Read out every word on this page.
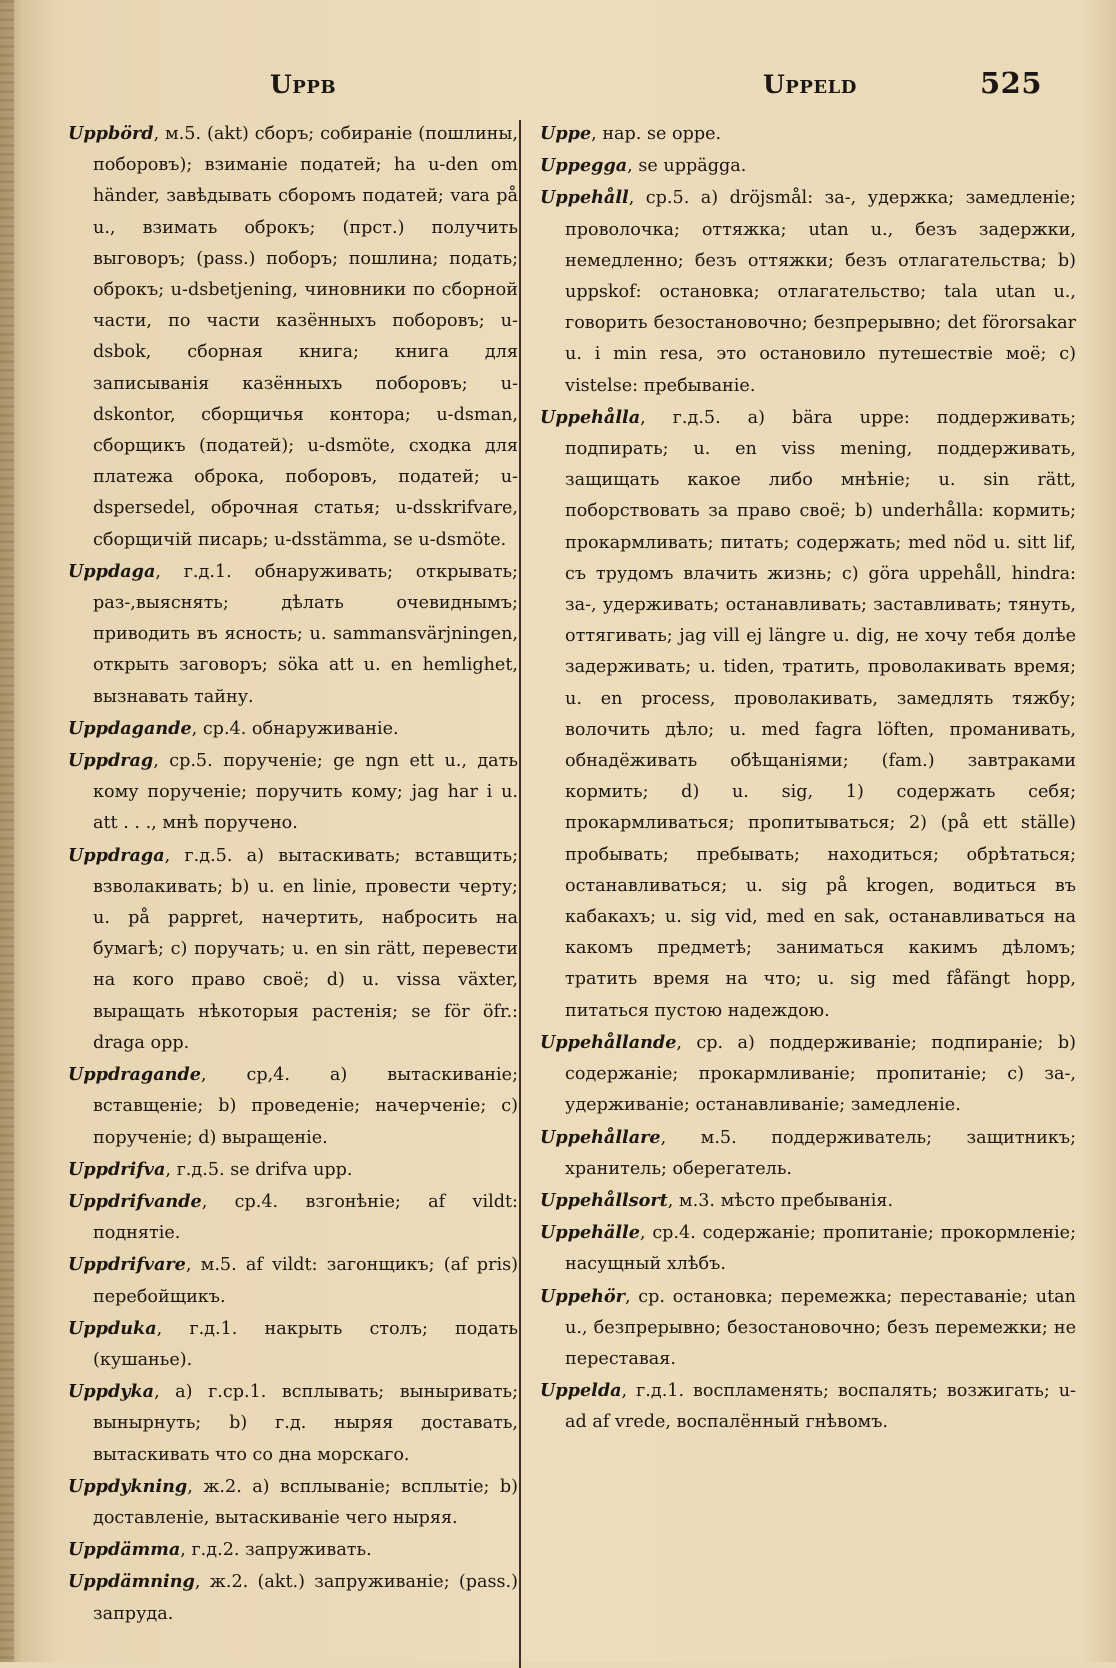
Uppb	Uppeld	525

Uppbörd, м.5. (akt) сборъ; собиранiе (пошлины, поборовъ); взиманiе податей; ha u-den om händer, завѣдывать сборомъ податей; vara på u., взимать оброкъ; (прст.) получить выговоръ; (pass.) поборъ; пошлина; подать; оброкъ; u-dsbetjening, чиновники по сборной части, по части казённыхъ поборовъ; u-dsbok, сборная книга; книга для записыванiя казённыхъ поборовъ; u-dskontor, сборщичья контора; u-dsman, сборщикъ (податей); u-dsmöte, сходка для платежа оброка, поборовъ, податей; u-dspersedel, оброчная статья; u-dsskrifvare, сборщичiй писарь; u-dsstämma, se u-dsmöte.

Uppdaga, г.д.1. обнаруживать; открывать; раз-,выяснять; дѣлать очевиднымъ; приводить въ ясность; u. sammansvärjningen, открыть заговоръ; söka att u. en hemlighet, вызнавать тайну.

Uppdagande, ср.4. обнаруживанiе.

Uppdrag, ср.5. порученiе; ge ngn ett u., дать кому порученiе; поручить кому; jag har i u. att . . ., мнѣ поручено.

Uppdraga, г.д.5. a) вытаскивать; вставщить; взволакивать; b) u. en linie, провести черту; u. på pappret, начертить, набросить на бумагѣ; c) поручать; u. en sin rätt, перевести на кого право своё; d) u. vissa växter, выращать нѣкоторыя растенiя; se för öfr.: draga opp.

Uppdragande, ср,4. a) вытаскиванiе; вставщенiе; b) проведенiе; начерченiе; c) порученiе; d) выращенiе.

Uppdrifva, г.д.5. se drifva upp.

Uppdrifvande, ср.4. взгонѣнiе; af vildt: поднятiе.

Uppdrifvare, м.5. af vildt: загонщикъ; (af pris) перебойщикъ.

Uppduka, г.д.1. накрыть столъ; подать (кушанье).

Uppdyka, a) г.ср.1. всплывать; выныривать; вынырнуть; b) г.д. ныряя доставать, вытаскивать что со дна морскаго.

Uppdykning, ж.2. a) всплыванiе; всплытiе; b) доставленiе, вытаскиванiе чего ныряя.

Uppdämma, г.д.2. запруживать.

Uppdämning, ж.2. (akt.) запруживанiе; (pass.) запруда.

Uppe, нар. se oppe.

Uppegga, se uppägga.

Uppehåll, ср.5. a) dröjsmål: за-, удержка; замедленiе; проволочка; оттяжка; utan u., безъ задержки, немедленно; безъ оттяжки; безъ отлагательства; b) uppskof: остановка; отлагательство; tala utan u., говорить безостановочно; безпрерывно; det förorsakar u. i min resa, это остановило путешествiе моё; c) vistelse: пребыванiе.

Uppehålla, г.д.5. a) bära uppe: поддерживать; подпирать; u. en viss mening, поддерживать, защищать какое либо мнѣнiе; u. sin rätt, поборствовать за право своё; b) underhålla: кормить; прокармливать; питать; содержать; med nöd u. sitt lif, съ трудомъ влачить жизнь; c) göra uppehåll, hindra: за-, удерживать; останавливать; заставливать; тянуть, оттягивать; jag vill ej längre u. dig, не хочу тебя долѣе задерживать; u. tiden, тратить, проволакивать время; u. en process, проволакивать, замедлять тяжбу; волочить дѣло; u. med fagra löften, проманивать, обнадёживать обѣщанiями; (fam.) завтраками кормить; d) u. sig, 1) содержать себя; прокармливаться; пропитываться; 2) (på ett ställe) пробывать; пребывать; находиться; обрѣтаться; останавливаться; u. sig på krogen, водиться въ кабакахъ; u. sig vid, med en sak, останавливаться на какомъ предметѣ; заниматься какимъ дѣломъ; тратить время на что; u. sig med fåfängt hopp, питаться пустою надеждою.

Uppehållande, ср. a) поддерживанiе; подпиранiе; b) содержанiе; прокармливанiе; пропитанiе; c) за-, удерживанiе; останавливанiе; замедленiе.

Uppehållare, м.5. поддерживатель; защитникъ; хранитель; оберегатель.

Uppehållsort, м.3. мѣсто пребыванiя.

Uppehälle, ср.4. содержанiе; пропитанiе; прокормленiе; насущный хлѣбъ.

Uppehör, ср. остановка; перемежка; переставанiе; utan u., безпрерывно; безостановочно; безъ перемежки; не переставая.

Uppelda, г.д.1. воспламенять; воспалять; возжигать; u-ad af vrede, воспалённый гнѣвомъ.
